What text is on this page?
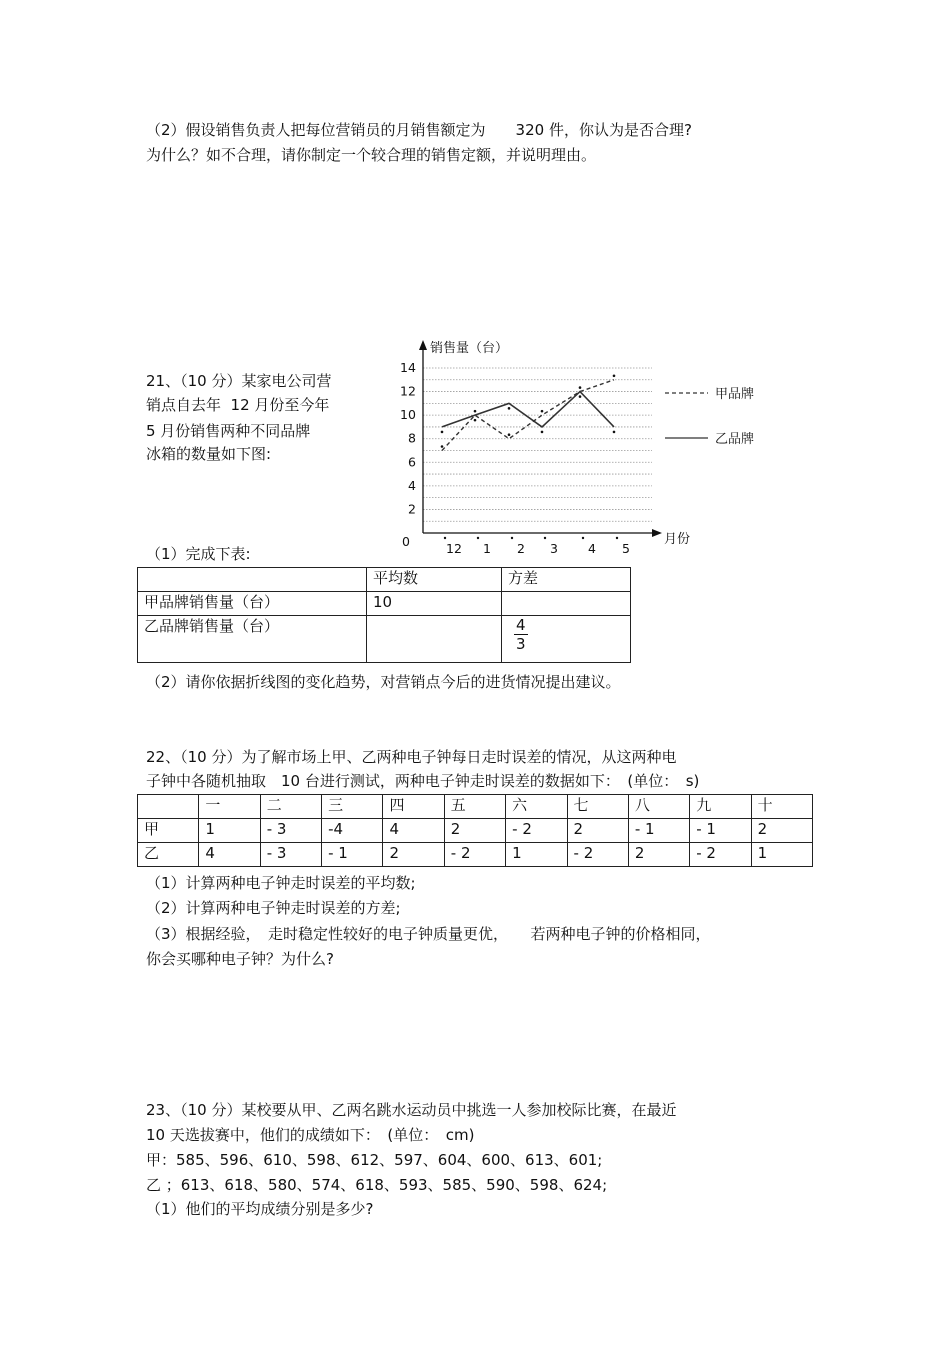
（2）假设销售负责人把每位营销员的月销售额定为　　320 件，你认为是否合理?
为什么？如不合理，请你制定一个较合理的销售定额，并说明理由。
21、（10 分）某家电公司营
销点自去年  12 月份至今年
5 月份销售两种不同品牌
冰箱的数量如下图:
销售量（台）
月份
0
2
4
6
8
10
12
14
12 1 2 3 4 5
甲品牌
乙品牌
（1）完成下表:
	平均数	方差
甲品牌销售量（台）	10	
乙品牌销售量（台）		$\frac{4}{3}$
（2）请你依据折线图的变化趋势，对营销点今后的进货情况提出建议。
22、（10 分）为了解市场上甲、乙两种电子钟每日走时误差的情况，从这两种电
子钟中各随机抽取　10 台进行测试，两种电子钟走时误差的数据如下：　(单位：　s)
	一	二	三	四	五	六	七	八	九	十
甲	1	- 3	-4	4	2	- 2	2	- 1	- 1	2
乙	4	- 3	- 1	2	- 2	1	- 2	2	- 2	1
（1）计算两种电子钟走时误差的平均数;
（2）计算两种电子钟走时误差的方差;
（3）根据经验，　走时稳定性较好的电子钟质量更优，　　若两种电子钟的价格相同，
你会买哪种电子钟？为什么?
23、（10 分）某校要从甲、乙两名跳水运动员中挑选一人参加校际比赛，在最近
10 天选拔赛中，他们的成绩如下：　(单位：　cm)
甲：585、596、610、598、612、597、604、600、613、601;
乙 ；613、618、580、574、618、593、585、590、598、624;
（1）他们的平均成绩分别是多少?
